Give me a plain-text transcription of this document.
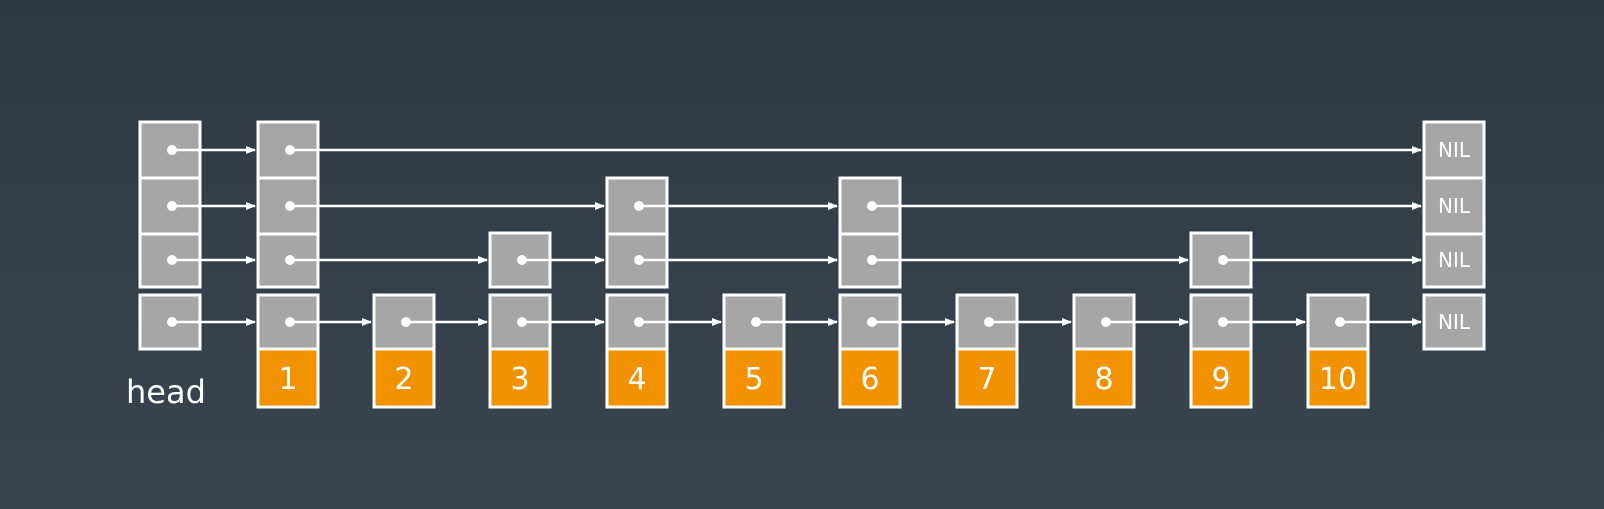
1	2	3	4	5	6	7	8	9	10
NIL
NIL
NIL
NIL
head
